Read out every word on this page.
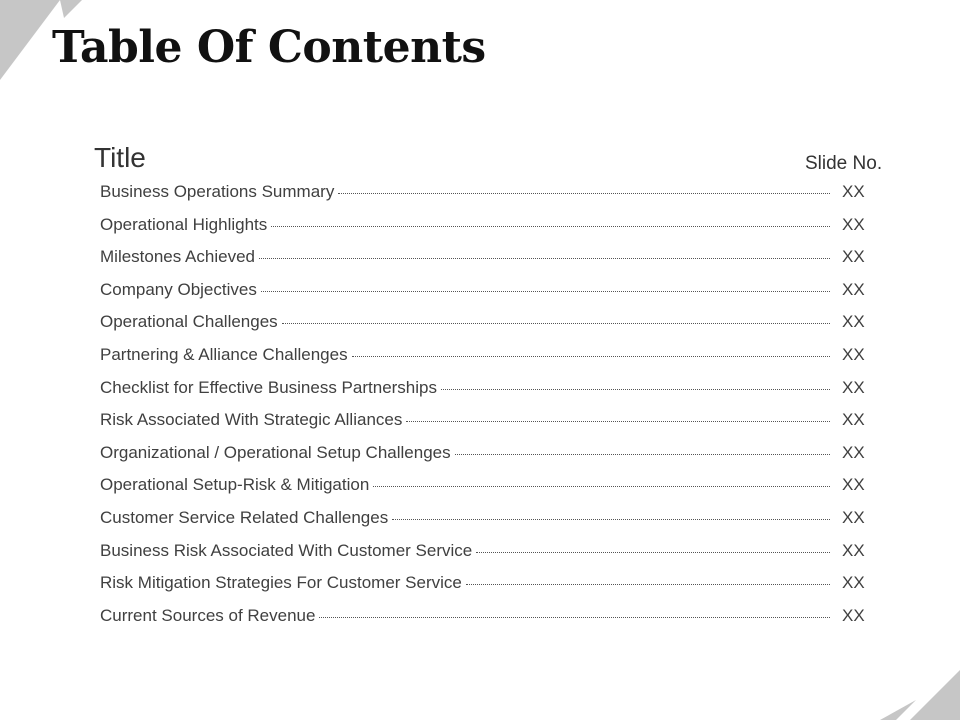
Table Of Contents
Title	Slide No.
Business Operations Summary	XX
Operational Highlights	XX
Milestones Achieved	XX
Company Objectives	XX
Operational Challenges	XX
Partnering & Alliance Challenges	XX
Checklist for Effective Business Partnerships	XX
Risk Associated With Strategic Alliances	XX
Organizational / Operational Setup Challenges	XX
Operational Setup-Risk & Mitigation	XX
Customer Service Related Challenges	XX
Business Risk Associated With Customer Service	XX
Risk Mitigation Strategies For Customer Service	XX
Current Sources of Revenue	XX
